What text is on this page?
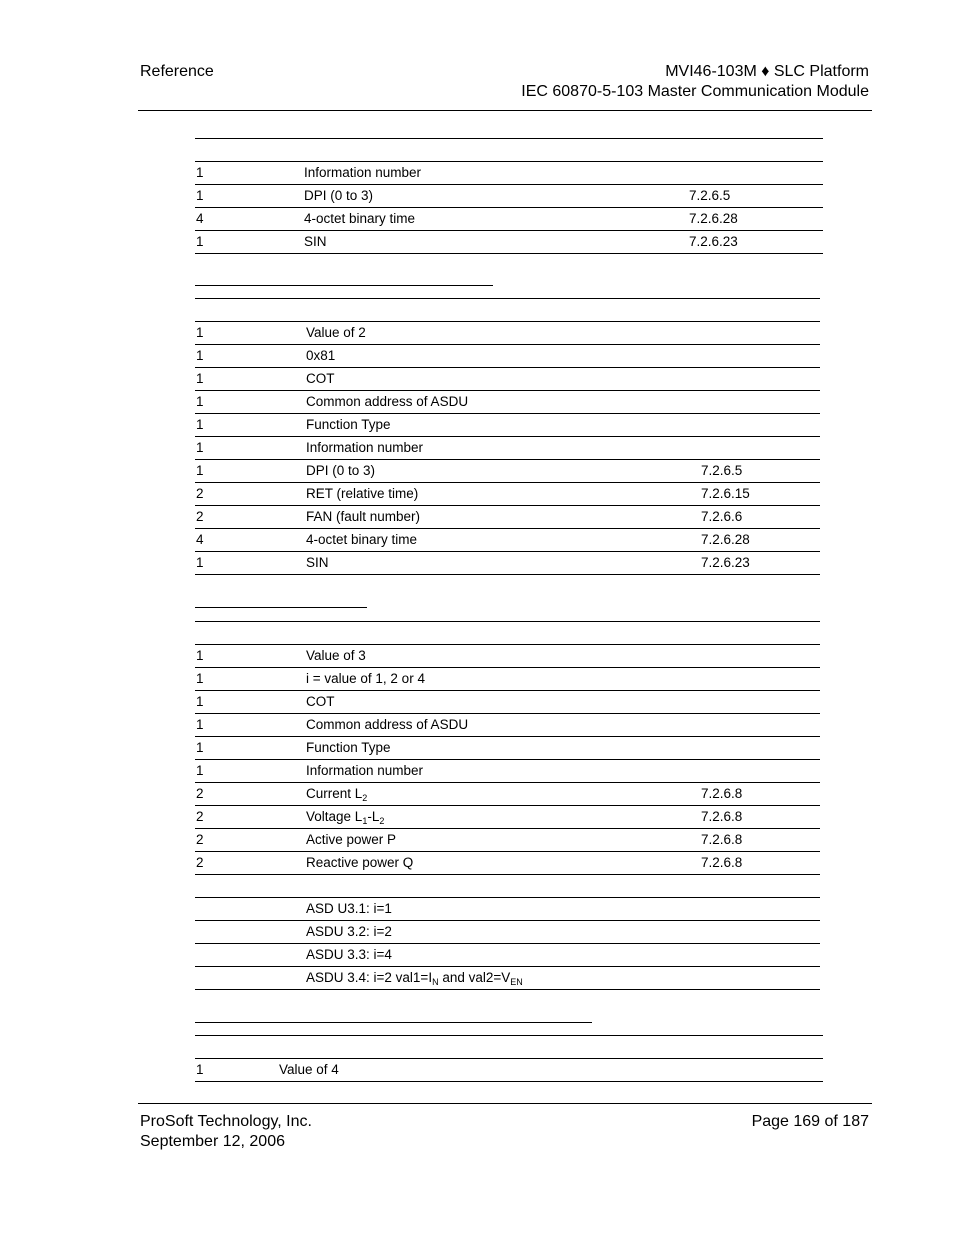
Reference	MVI46-103M ♦ SLC Platform
IEC 60870-5-103 Master Communication Module
1	Information number
1	DPI (0 to 3)	7.2.6.5
4	4-octet binary time	7.2.6.28
1	SIN	7.2.6.23
1	Value of 2
1	0x81
1	COT
1	Common address of ASDU
1	Function Type
1	Information number
1	DPI (0 to 3)	7.2.6.5
2	RET (relative time)	7.2.6.15
2	FAN (fault number)	7.2.6.6
4	4-octet binary time	7.2.6.28
1	SIN	7.2.6.23
1	Value of 3
1	i = value of 1, 2 or 4
1	COT
1	Common address of ASDU
1	Function Type
1	Information number
2	Current $L_2$	7.2.6.8
2	Voltage $L_1-L_2$	7.2.6.8
2	Active power P	7.2.6.8
2	Reactive power Q	7.2.6.8
ASD U3.1: i=1
ASDU 3.2: i=2
ASDU 3.3: i=4
ASDU 3.4: i=2 $val1=I_N$ and $val2=V_{EN}$
1	Value of 4
ProSoft Technology, Inc.
September 12, 2006
Page 169 of 187
